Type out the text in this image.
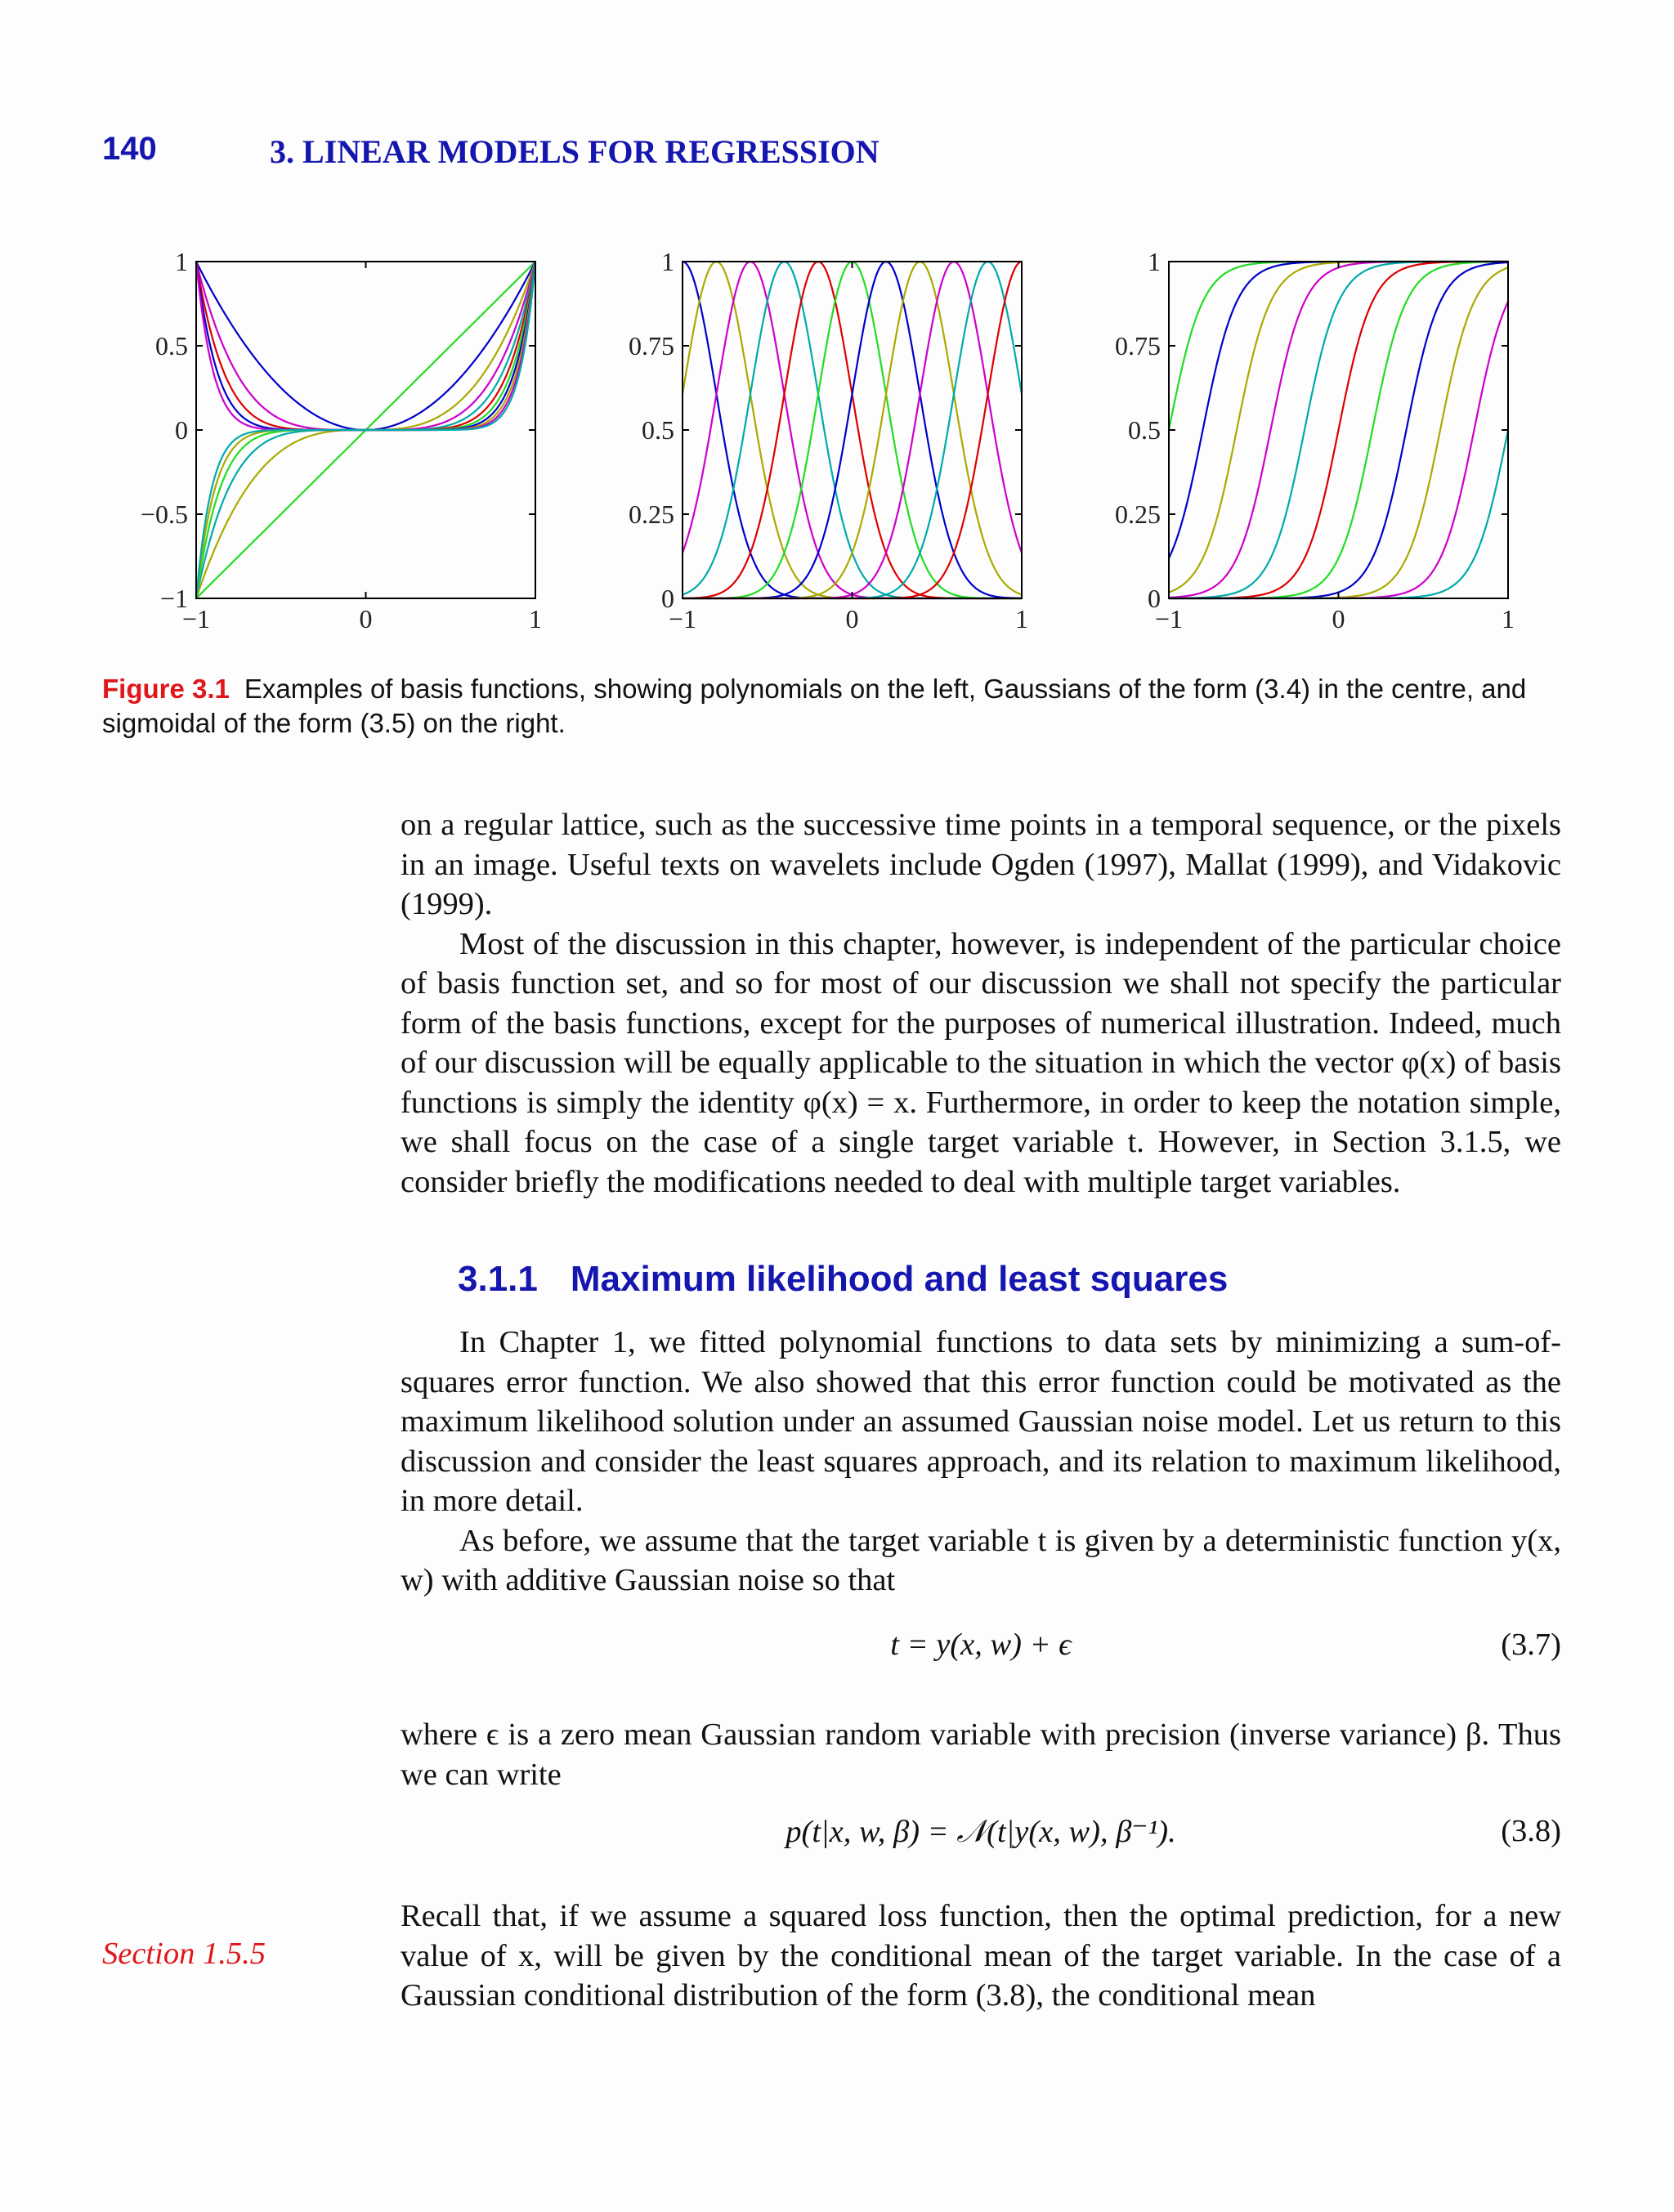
140	3. LINEAR MODELS FOR REGRESSION
−1	0	1
1
0.5
0
−0.5
−1
−1	0	1
1
0.75
0.5
0.25
0
−1	0	1
1
0.75
0.5
0.25
0
Figure 3.1 Examples of basis functions, showing polynomials on the left, Gaussians of the form (3.4) in the centre, and sigmoidal of the form (3.5) on the right.

on a regular lattice, such as the successive time points in a temporal sequence, or the pixels in an image. Useful texts on wavelets include Ogden (1997), Mallat (1999), and Vidakovic (1999).

Most of the discussion in this chapter, however, is independent of the particular choice of basis function set, and so for most of our discussion we shall not specify the particular form of the basis functions, except for the purposes of numerical illustration. Indeed, much of our discussion will be equally applicable to the situation in which the vector φ(x) of basis functions is simply the identity φ(x) = x. Furthermore, in order to keep the notation simple, we shall focus on the case of a single target variable t. However, in Section 3.1.5, we consider briefly the modifications needed to deal with multiple target variables.

3.1.1 Maximum likelihood and least squares

In Chapter 1, we fitted polynomial functions to data sets by minimizing a sum-of-squares error function. We also showed that this error function could be motivated as the maximum likelihood solution under an assumed Gaussian noise model. Let us return to this discussion and consider the least squares approach, and its relation to maximum likelihood, in more detail.

As before, we assume that the target variable t is given by a deterministic function y(x, w) with additive Gaussian noise so that

t = y(x, w) + ϵ	(3.7)

where ϵ is a zero mean Gaussian random variable with precision (inverse variance) β. Thus we can write

p(t|x, w, β) = 𝒩(t|y(x, w), β⁻¹).	(3.8)

Recall that, if we assume a squared loss function, then the optimal prediction, for a new value of x, will be given by the conditional mean of the target variable. In the case of a Gaussian conditional distribution of the form (3.8), the conditional mean

Section 1.5.5
